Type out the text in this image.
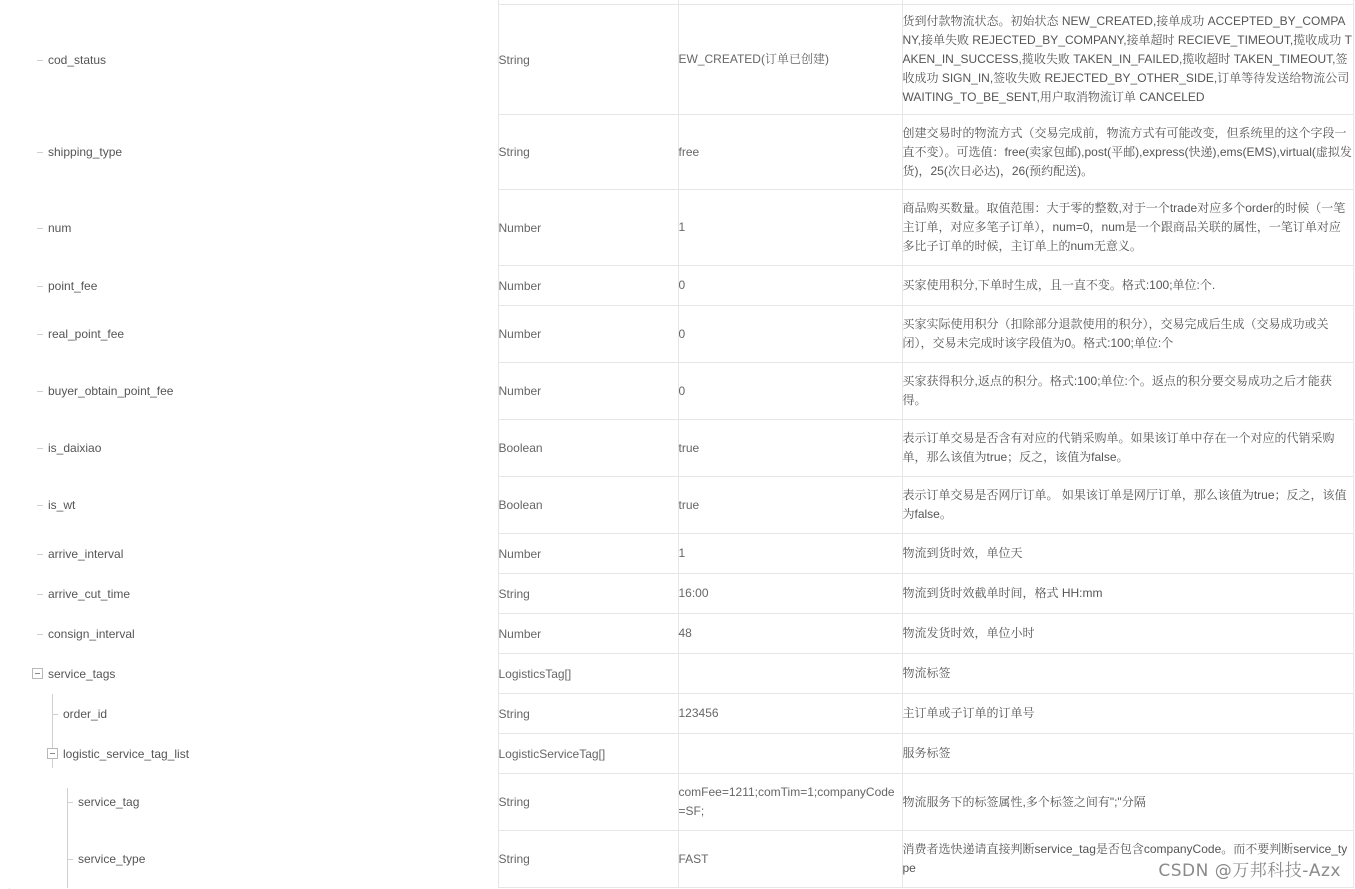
cod_status	String	EW_CREATED(订单已创建)	货到付款物流状态。初始状态 NEW_CREATED,接单成功 ACCEPTED_BY_COMPANY,接单失败 REJECTED_BY_COMPANY,接单超时 RECIEVE_TIMEOUT,揽收成功 TAKEN_IN_SUCCESS,揽收失败 TAKEN_IN_FAILED,揽收超时 TAKEN_TIMEOUT,签收成功 SIGN_IN,签收失败 REJECTED_BY_OTHER_SIDE,订单等待发送给物流公司 WAITING_TO_BE_SENT,用户取消物流订单 CANCELED

shipping_type	String	free	创建交易时的物流方式（交易完成前，物流方式有可能改变，但系统里的这个字段一直不变）。可选值：free(卖家包邮),post(平邮),express(快递),ems(EMS),virtual(虚拟发货)，25(次日必达)，26(预约配送)。

num	Number	1	商品购买数量。取值范围：大于零的整数,对于一个trade对应多个order的时候（一笔主订单，对应多笔子订单），num=0，num是一个跟商品关联的属性，一笔订单对应多比子订单的时候，主订单上的num无意义。

point_fee	Number	0	买家使用积分,下单时生成，且一直不变。格式:100;单位:个.

real_point_fee	Number	0	买家实际使用积分（扣除部分退款使用的积分），交易完成后生成（交易成功或关闭），交易未完成时该字段值为0。格式:100;单位:个

buyer_obtain_point_fee	Number	0	买家获得积分,返点的积分。格式:100;单位:个。返点的积分要交易成功之后才能获得。

is_daixiao	Boolean	true	表示订单交易是否含有对应的代销采购单。如果该订单中存在一个对应的代销采购单，那么该值为true；反之，该值为false。

is_wt	Boolean	true	表示订单交易是否网厅订单。 如果该订单是网厅订单，那么该值为true；反之，该值为false。

arrive_interval	Number	1	物流到货时效，单位天

arrive_cut_time	String	16:00	物流到货时效截单时间，格式 HH:mm

consign_interval	Number	48	物流发货时效，单位小时

service_tags	LogisticsTag[]		物流标签

order_id	String	123456	主订单或子订单的订单号

logistic_service_tag_list	LogisticServiceTag[]		服务标签

service_tag	String	comFee=1211;comTim=1;companyCode=SF;	物流服务下的标签属性,多个标签之间有";"分隔

service_type	String	FAST	消费者选快递请直接判断service_tag是否包含companyCode。而不要判断service_type	CSDN @万邦科技-Azx
